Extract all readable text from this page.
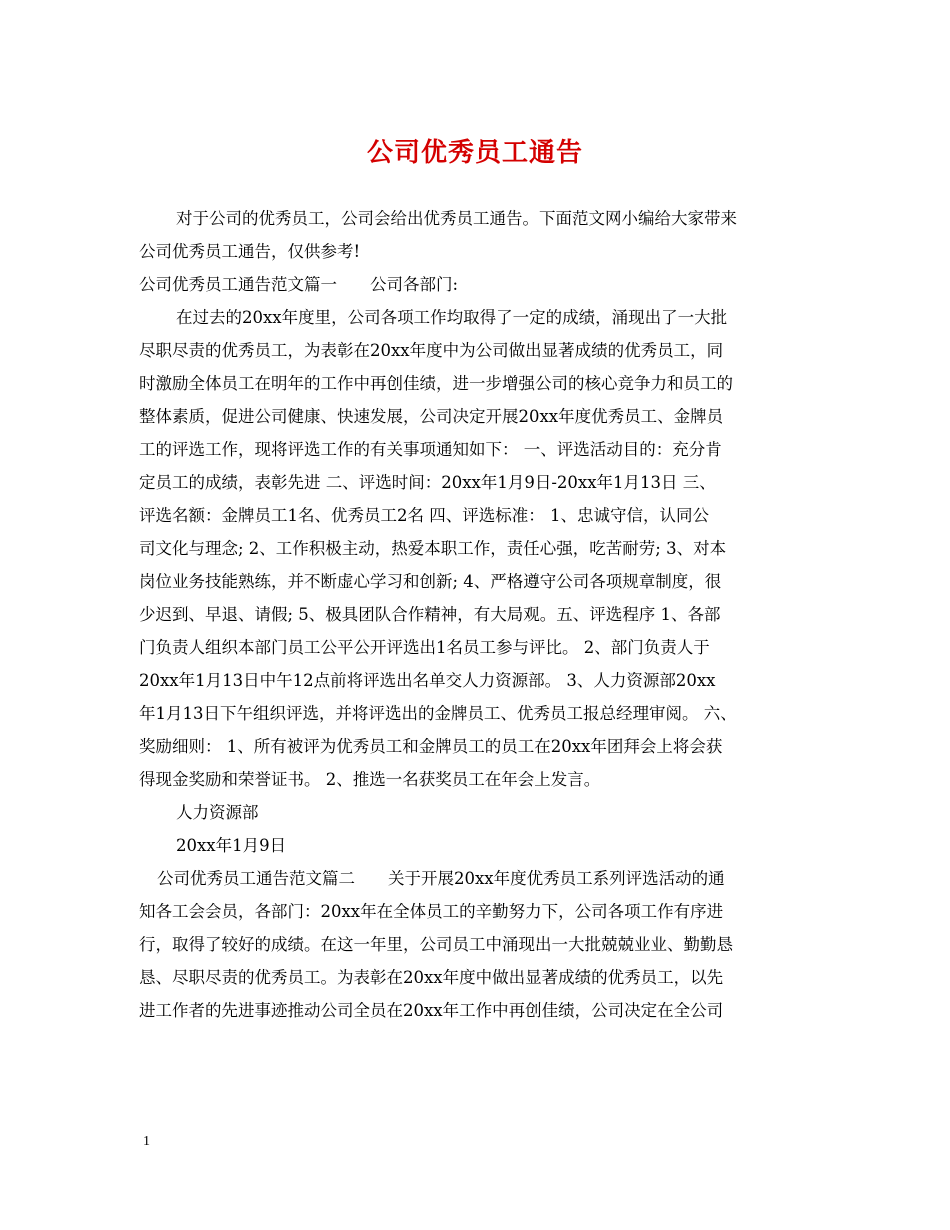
公司优秀员工通告
对于公司的优秀员工，公司会给出优秀员工通告。下面范文网小编给大家带来
公司优秀员工通告，仅供参考!
公司优秀员工通告范文篇一　　公司各部门:
在过去的20xx年度里，公司各项工作均取得了一定的成绩，涌现出了一大批
尽职尽责的优秀员工，为表彰在20xx年度中为公司做出显著成绩的优秀员工，同
时激励全体员工在明年的工作中再创佳绩，进一步增强公司的核心竞争力和员工的
整体素质，促进公司健康、快速发展，公司决定开展20xx年度优秀员工、金牌员
工的评选工作，现将评选工作的有关事项通知如下： 一、评选活动目的：充分肯
定员工的成绩，表彰先进 二、评选时间：20xx年1月9日-20xx年1月13日 三、
评选名额：金牌员工1名、优秀员工2名 四、评选标准： 1、忠诚守信，认同公
司文化与理念; 2、工作积极主动，热爱本职工作，责任心强，吃苦耐劳; 3、对本
岗位业务技能熟练，并不断虚心学习和创新; 4、严格遵守公司各项规章制度，很
少迟到、早退、请假; 5、极具团队合作精神，有大局观。五、评选程序 1、各部
门负责人组织本部门员工公平公开评选出1名员工参与评比。 2、部门负责人于
20xx年1月13日中午12点前将评选出名单交人力资源部。 3、人力资源部20xx
年1月13日下午组织评选，并将评选出的金牌员工、优秀员工报总经理审阅。 六、
奖励细则： 1、所有被评为优秀员工和金牌员工的员工在20xx年团拜会上将会获
得现金奖励和荣誉证书。 2、推选一名获奖员工在年会上发言。
人力资源部
20xx年1月9日
公司优秀员工通告范文篇二　　关于开展20xx年度优秀员工系列评选活动的通
知各工会会员，各部门：20xx年在全体员工的辛勤努力下，公司各项工作有序进
行，取得了较好的成绩。在这一年里，公司员工中涌现出一大批兢兢业业、勤勤恳
恳、尽职尽责的优秀员工。为表彰在20xx年度中做出显著成绩的优秀员工，以先
进工作者的先进事迹推动公司全员在20xx年工作中再创佳绩，公司决定在全公司
1
